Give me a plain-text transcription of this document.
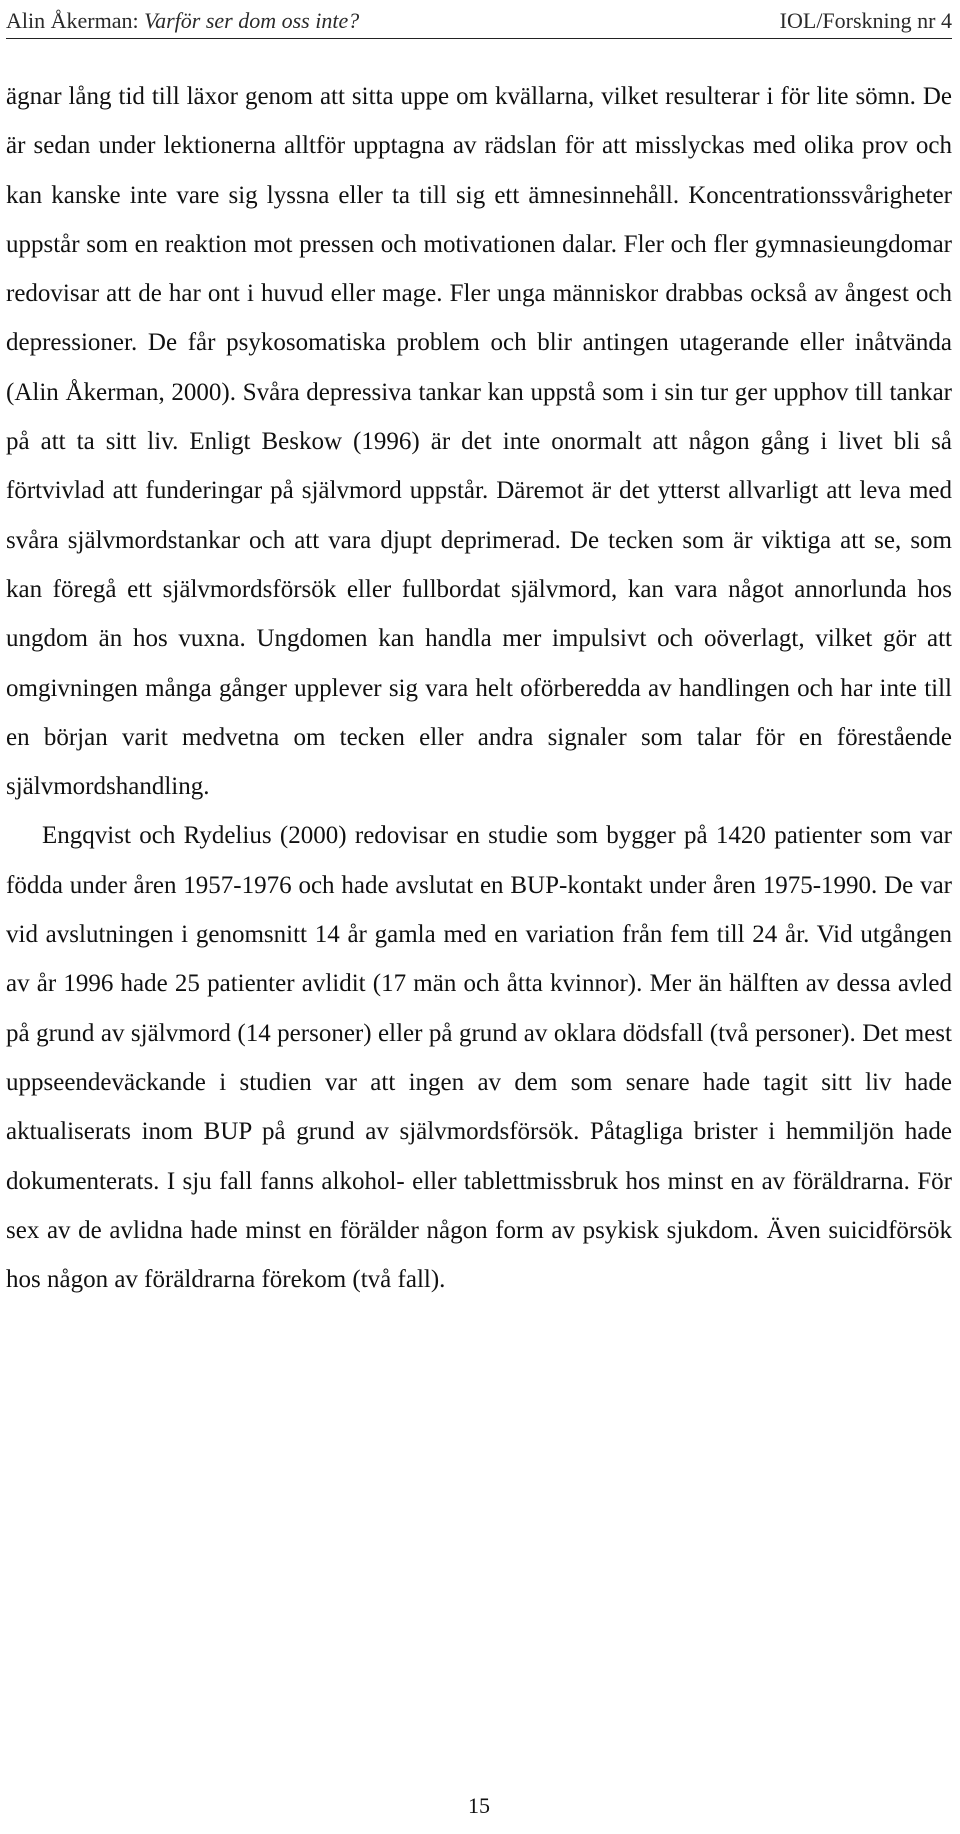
Alin Åkerman: Varför ser dom oss inte?	IOL/Forskning nr 4

ägnar lång tid till läxor genom att sitta uppe om kvällarna, vilket resulterar i för lite sömn. De är sedan under lektionerna alltför upptagna av rädslan för att misslyckas med olika prov och kan kanske inte vare sig lyssna eller ta till sig ett ämnesinnehåll. Koncentrationssvårigheter uppstår som en reaktion mot pressen och motivationen dalar. Fler och fler gymnasieungdomar redovisar att de har ont i huvud eller mage. Fler unga människor drabbas också av ångest och depressioner. De får psykosomatiska problem och blir antingen utagerande eller inåtvända (Alin Åkerman, 2000). Svåra depressiva tankar kan uppstå som i sin tur ger upphov till tankar på att ta sitt liv. Enligt Beskow (1996) är det inte onormalt att någon gång i livet bli så förtvivlad att funderingar på självmord uppstår. Däremot är det ytterst allvarligt att leva med svåra självmordstankar och att vara djupt deprimerad. De tecken som är viktiga att se, som kan föregå ett självmordsförsök eller fullbordat självmord, kan vara något annorlunda hos ungdom än hos vuxna. Ungdomen kan handla mer impulsivt och oöverlagt, vilket gör att omgivningen många gånger upplever sig vara helt oförberedda av handlingen och har inte till en början varit medvetna om tecken eller andra signaler som talar för en förestående självmordshandling.

Engqvist och Rydelius (2000) redovisar en studie som bygger på 1420 patienter som var födda under åren 1957-1976 och hade avslutat en BUP-kontakt under åren 1975-1990. De var vid avslutningen i genomsnitt 14 år gamla med en variation från fem till 24 år. Vid utgången av år 1996 hade 25 patienter avlidit (17 män och åtta kvinnor). Mer än hälften av dessa avled på grund av självmord (14 personer) eller på grund av oklara dödsfall (två personer). Det mest uppseendeväckande i studien var att ingen av dem som senare hade tagit sitt liv hade aktualiserats inom BUP på grund av självmordsförsök. Påtagliga brister i hemmiljön hade dokumenterats. I sju fall fanns alkohol- eller tablettmissbruk hos minst en av föräldrarna. För sex av de avlidna hade minst en förälder någon form av psykisk sjukdom. Även suicidförsök hos någon av föräldrarna förekom (två fall).

15
